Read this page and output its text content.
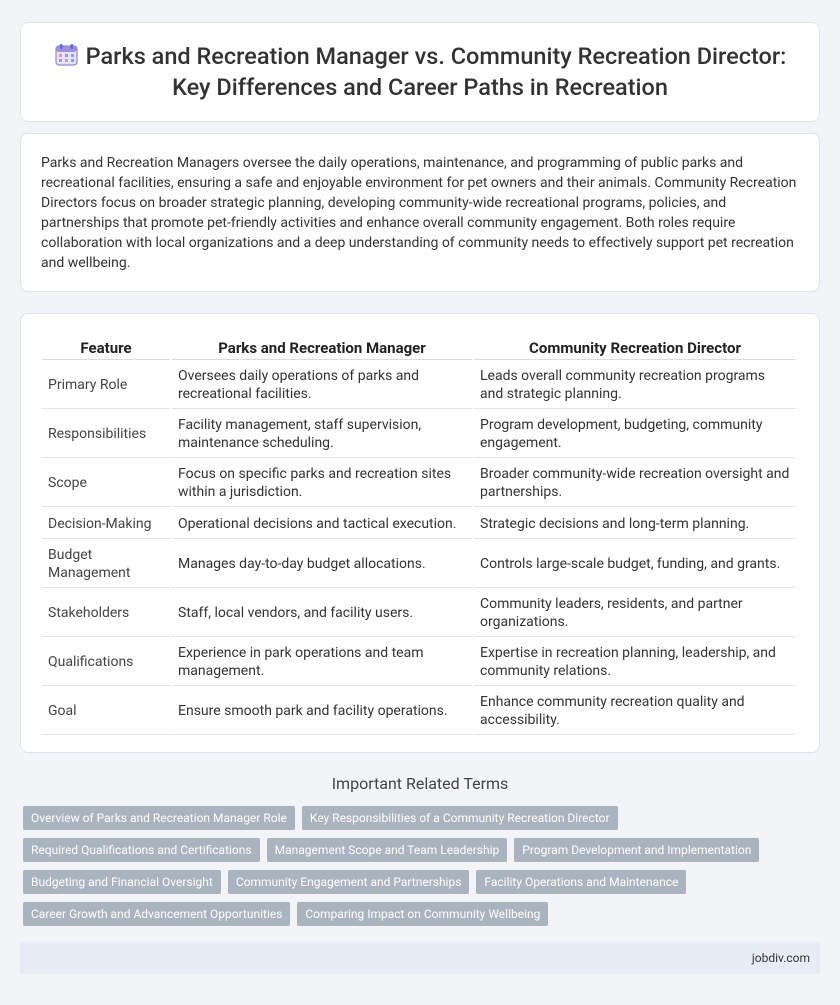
Parks and Recreation Manager vs. Community Recreation Director: Key Differences and Career Paths in Recreation

Parks and Recreation Managers oversee the daily operations, maintenance, and programming of public parks and recreational facilities, ensuring a safe and enjoyable environment for pet owners and their animals. Community Recreation Directors focus on broader strategic planning, developing community-wide recreational programs, policies, and partnerships that promote pet-friendly activities and enhance overall community engagement. Both roles require collaboration with local organizations and a deep understanding of community needs to effectively support pet recreation and wellbeing.

Feature	Parks and Recreation Manager	Community Recreation Director
Primary Role	Oversees daily operations of parks and recreational facilities.	Leads overall community recreation programs and strategic planning.
Responsibilities	Facility management, staff supervision, maintenance scheduling.	Program development, budgeting, community engagement.
Scope	Focus on specific parks and recreation sites within a jurisdiction.	Broader community-wide recreation oversight and partnerships.
Decision-Making	Operational decisions and tactical execution.	Strategic decisions and long-term planning.
Budget Management	Manages day-to-day budget allocations.	Controls large-scale budget, funding, and grants.
Stakeholders	Staff, local vendors, and facility users.	Community leaders, residents, and partner organizations.
Qualifications	Experience in park operations and team management.	Expertise in recreation planning, leadership, and community relations.
Goal	Ensure smooth park and facility operations.	Enhance community recreation quality and accessibility.
Important Related Terms
Overview of Parks and Recreation Manager Role	Key Responsibilities of a Community Recreation Director
Required Qualifications and Certifications	Management Scope and Team Leadership	Program Development and Implementation
Budgeting and Financial Oversight	Community Engagement and Partnerships	Facility Operations and Maintenance
Career Growth and Advancement Opportunities	Comparing Impact on Community Wellbeing
jobdiv.com
